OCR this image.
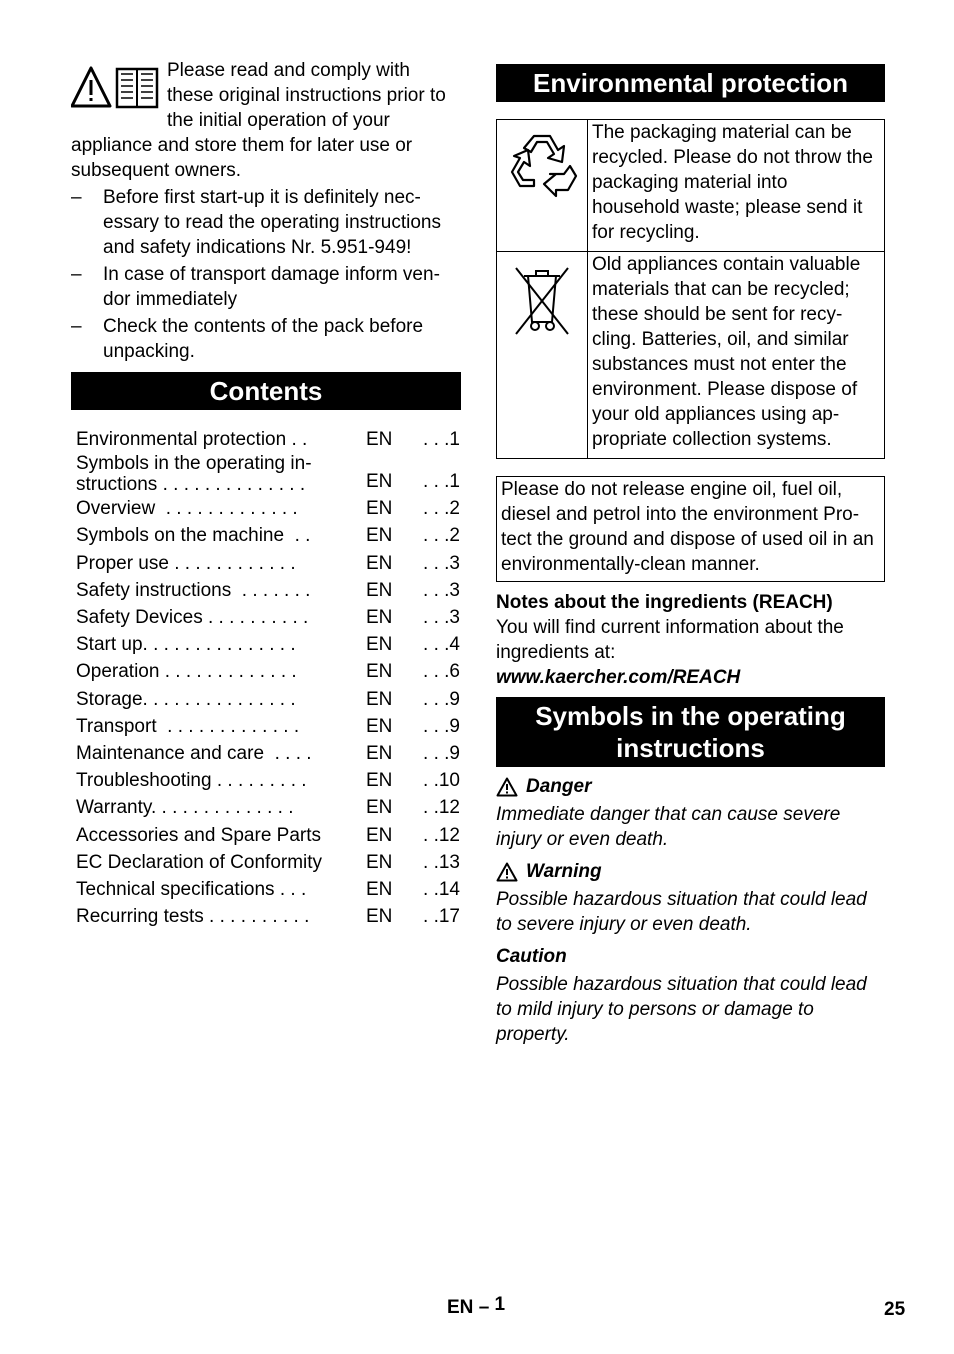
Please read and comply with these original instructions prior to the initial operation of your appliance and store them for later use or subsequent owners.

– Before first start-up it is definitely necessary to read the operating instructions and safety indications Nr. 5.951-949!
– In case of transport damage inform vendor immediately
– Check the contents of the pack before unpacking.
Contents
Environmental protection . .	EN	. . .1
Symbols in the operating in-
structions . . . . . . . . . . . . . .	EN	. . .1
Overview  . . . . . . . . . . . . .	EN	. . .2
Symbols on the machine  . .	EN	. . .2
Proper use . . . . . . . . . . . .	EN	. . .3
Safety instructions  . . . . . . .	EN	. . .3
Safety Devices . . . . . . . . . .	EN	. . .3
Start up. . . . . . . . . . . . . . .	EN	. . .4
Operation . . . . . . . . . . . . .	EN	. . .6
Storage. . . . . . . . . . . . . . .	EN	. . .9
Transport  . . . . . . . . . . . . .	EN	. . .9
Maintenance and care  . . . .	EN	. . .9
Troubleshooting . . . . . . . . .	EN	. .10
Warranty. . . . . . . . . . . . . .	EN	. .12
Accessories and Spare Parts	EN	. .12
EC Declaration of Conformity	EN	. .13
Technical specifications . . .	EN	. .14
Recurring tests . . . . . . . . . .	EN	. .17
Environmental protection
	The packaging material can be recycled. Please do not throw the packaging material into household waste; please send it for recycling.
	Old appliances contain valuable materials that can be recycled; these should be sent for recycling. Batteries, oil, and similar substances must not enter the environment. Please dispose of your old appliances using appropriate collection systems.
Please do not release engine oil, fuel oil, diesel and petrol into the environment Protect the ground and dispose of used oil in an environmentally-clean manner.

Notes about the ingredients (REACH)

You will find current information about the ingredients at:

www.kaercher.com/REACH

Symbols in the operating instructions
Danger

Immediate danger that can cause severe injury or even death.

Warning

Possible hazardous situation that could lead to severe injury or even death.

Caution

Possible hazardous situation that could lead to mild injury to persons or damage to property.

EN – 1	25
